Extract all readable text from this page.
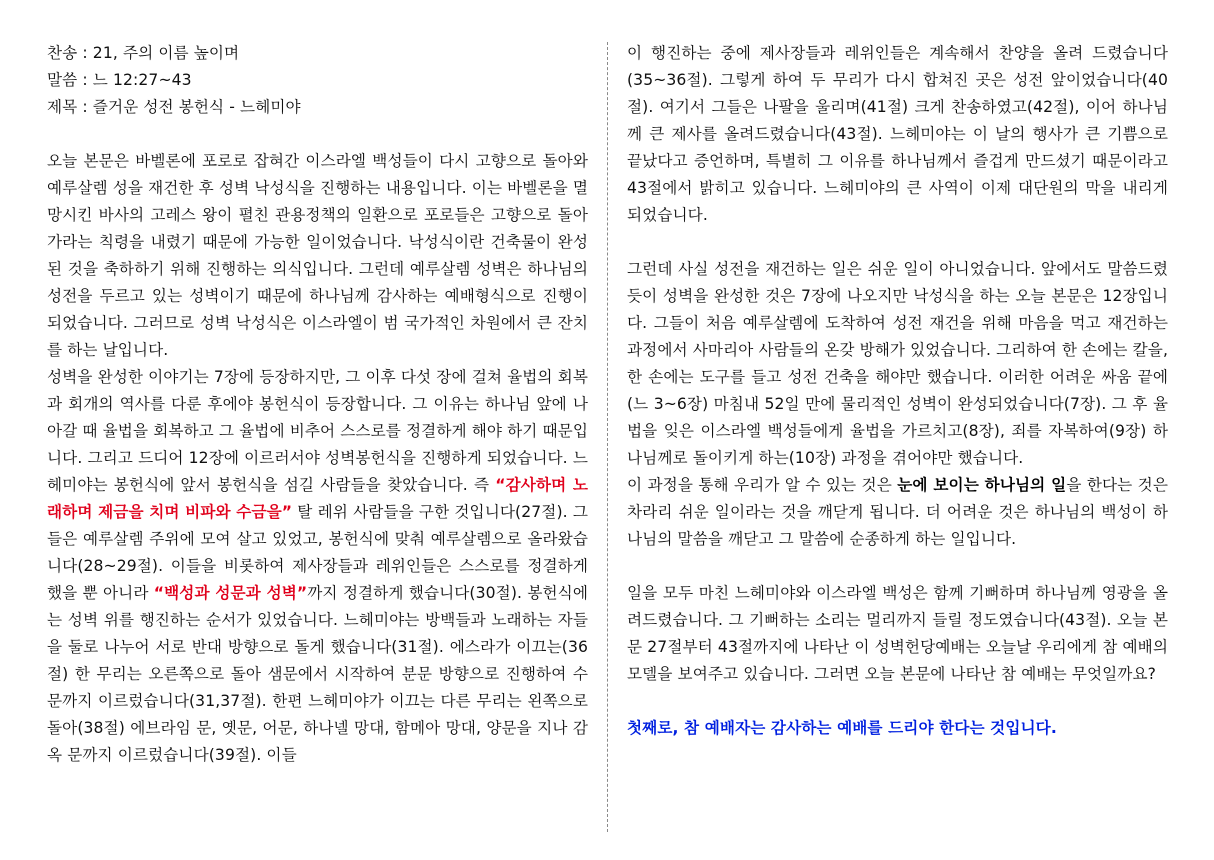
찬송 : 21, 주의 이름 높이며

말씀 : 느 12:27~43

제목 : 즐거운 성전 봉헌식 - 느헤미야

오늘 본문은 바벨론에 포로로 잡혀간 이스라엘 백성들이 다시 고향으로 돌아와 예루살렘 성을 재건한 후 성벽 낙성식을 진행하는 내용입니다. 이는 바벨론을 멸망시킨 바사의 고레스 왕이 펼친 관용정책의 일환으로 포로들은 고향으로 돌아가라는 칙령을 내렸기 때문에 가능한 일이었습니다. 낙성식이란 건축물이 완성된 것을 축하하기 위해 진행하는 의식입니다. 그런데 예루살렘 성벽은 하나님의 성전을 두르고 있는 성벽이기 때문에 하나님께 감사하는 예배형식으로 진행이 되었습니다. 그러므로 성벽 낙성식은 이스라엘이 범 국가적인 차원에서 큰 잔치를 하는 날입니다.

성벽을 완성한 이야기는 7장에 등장하지만, 그 이후 다섯 장에 걸쳐 율법의 회복과 회개의 역사를 다룬 후에야 봉헌식이 등장합니다. 그 이유는 하나님 앞에 나아갈 때 율법을 회복하고 그 율법에 비추어 스스로를 정결하게 해야 하기 때문입니다. 그리고 드디어 12장에 이르러서야 성벽봉헌식을 진행하게 되었습니다. 느헤미야는 봉헌식에 앞서 봉헌식을 섬길 사람들을 찾았습니다. 즉 “감사하며 노래하며 제금을 치며 비파와 수금을” 탈 레위 사람들을 구한 것입니다(27절). 그들은 예루살렘 주위에 모여 살고 있었고, 봉헌식에 맞춰 예루살렘으로 올라왔습니다(28~29절). 이들을 비롯하여 제사장들과 레위인들은 스스로를 정결하게 했을 뿐 아니라 “백성과 성문과 성벽”까지 정결하게 했습니다(30절). 봉헌식에는 성벽 위를 행진하는 순서가 있었습니다. 느헤미야는 방백들과 노래하는 자들을 둘로 나누어 서로 반대 방향으로 돌게 했습니다(31절). 에스라가 이끄는(36절) 한 무리는 오른쪽으로 돌아 샘문에서 시작하여 분문 방향으로 진행하여 수문까지 이르렀습니다(31,37절). 한편 느헤미야가 이끄는 다른 무리는 왼쪽으로 돌아(38절) 에브라임 문, 옛문, 어문, 하나넬 망대, 함메아 망대, 양문을 지나 감옥 문까지 이르렀습니다(39절). 이들

이 행진하는 중에 제사장들과 레위인들은 계속해서 찬양을 올려 드렸습니다(35~36절). 그렇게 하여 두 무리가 다시 합쳐진 곳은 성전 앞이었습니다(40절). 여기서 그들은 나팔을 울리며(41절) 크게 찬송하였고(42절), 이어 하나님께 큰 제사를 올려드렸습니다(43절). 느헤미야는 이 날의 행사가 큰 기쁨으로 끝났다고 증언하며, 특별히 그 이유를 하나님께서 즐겁게 만드셨기 때문이라고 43절에서 밝히고 있습니다. 느헤미야의 큰 사역이 이제 대단원의 막을 내리게 되었습니다.

그런데 사실 성전을 재건하는 일은 쉬운 일이 아니었습니다. 앞에서도 말씀드렸듯이 성벽을 완성한 것은 7장에 나오지만 낙성식을 하는 오늘 본문은 12장입니다. 그들이 처음 예루살렘에 도착하여 성전 재건을 위해 마음을 먹고 재건하는 과정에서 사마리아 사람들의 온갖 방해가 있었습니다. 그리하여 한 손에는 칼을, 한 손에는 도구를 들고 성전 건축을 해야만 했습니다. 이러한 어려운 싸움 끝에(느 3~6장) 마침내 52일 만에 물리적인 성벽이 완성되었습니다(7장). 그 후 율법을 잊은 이스라엘 백성들에게 율법을 가르치고(8장), 죄를 자복하여(9장) 하나님께로 돌이키게 하는(10장) 과정을 겪어야만 했습니다.

이 과정을 통해 우리가 알 수 있는 것은 눈에 보이는 하나님의 일을 한다는 것은 차라리 쉬운 일이라는 것을 깨닫게 됩니다. 더 어려운 것은 하나님의 백성이 하나님의 말씀을 깨닫고 그 말씀에 순종하게 하는 일입니다.

일을 모두 마친 느헤미야와 이스라엘 백성은 함께 기뻐하며 하나님께 영광을 올려드렸습니다. 그 기뻐하는 소리는 멀리까지 들릴 정도였습니다(43절). 오늘 본문 27절부터 43절까지에 나타난 이 성벽헌당예배는 오늘날 우리에게 참 예배의 모델을 보여주고 있습니다. 그러면 오늘 본문에 나타난 참 예배는 무엇일까요?

첫째로, 참 예배자는 감사하는 예배를 드리야 한다는 것입니다.
